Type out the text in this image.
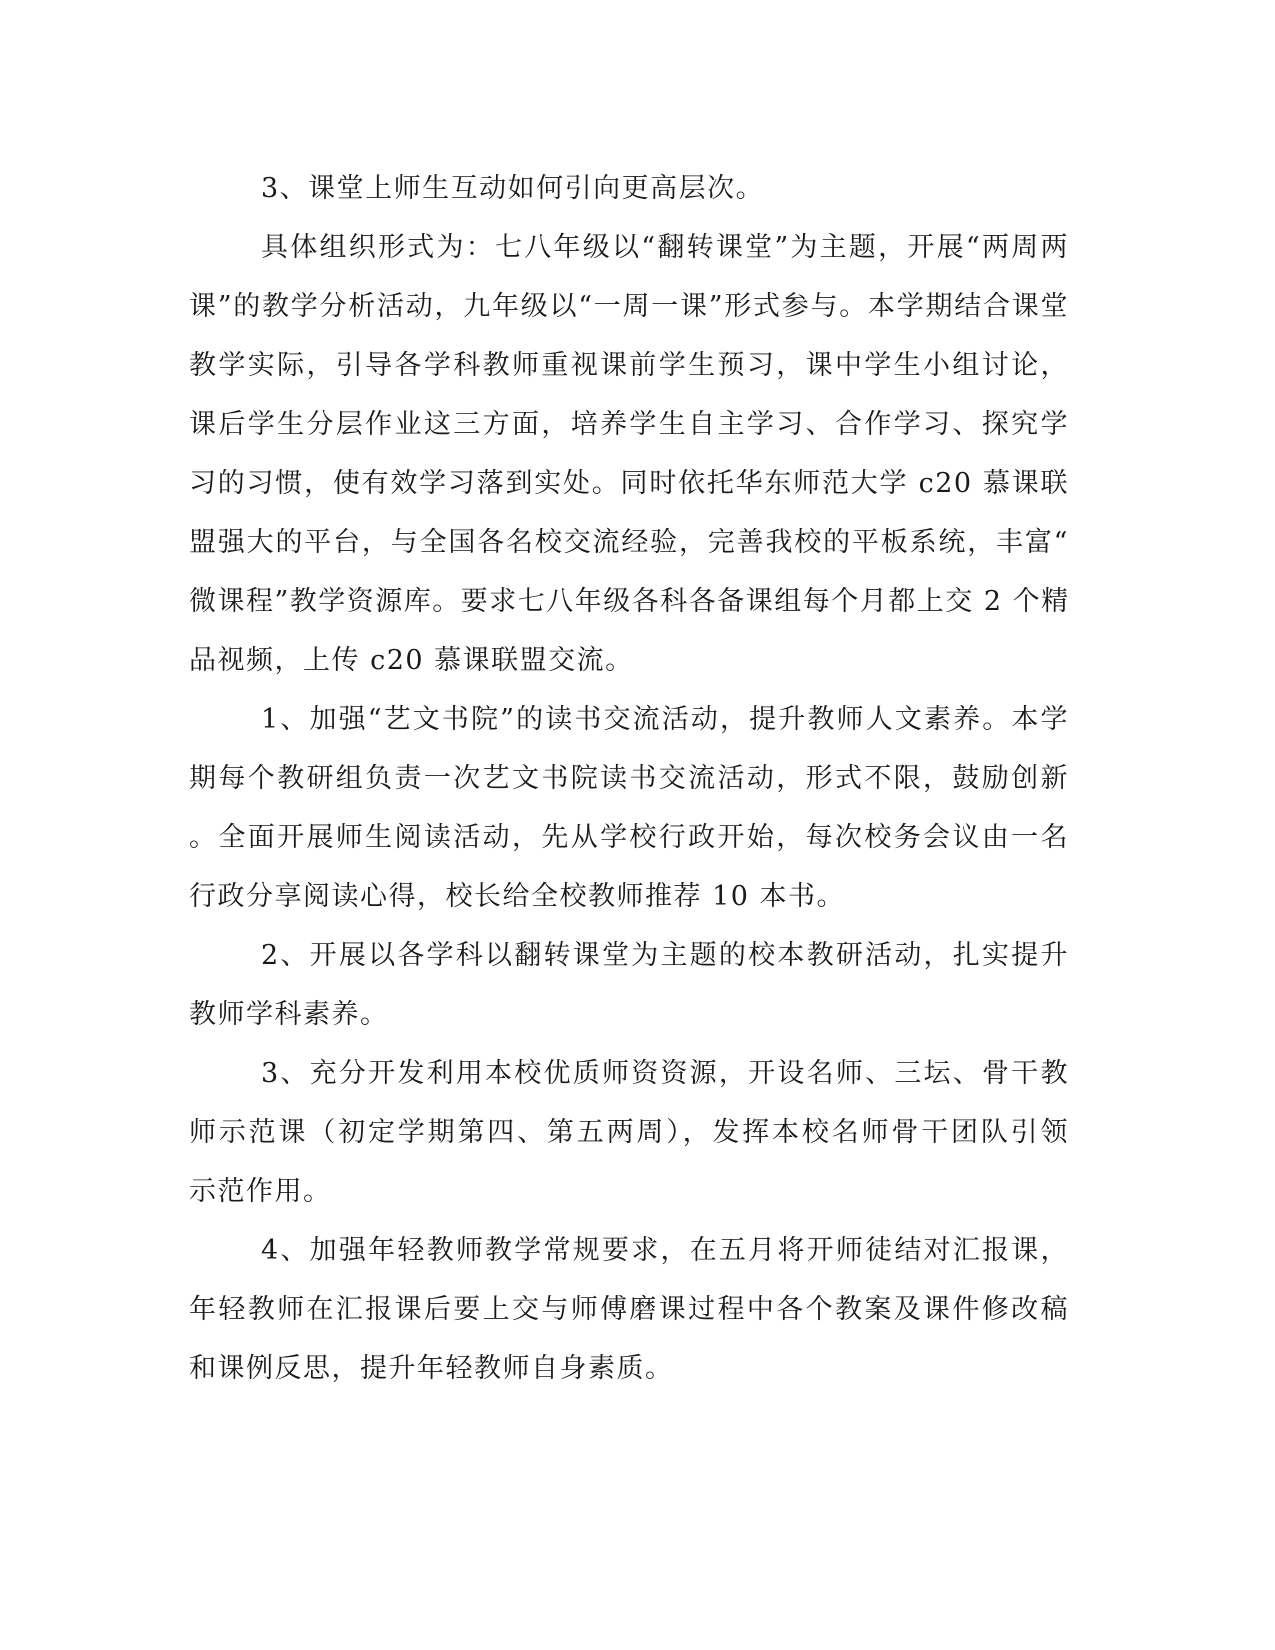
3、课堂上师生互动如何引向更高层次。
具体组织形式为：七八年级以“翻转课堂”为主题，开展“两周两
课”的教学分析活动，九年级以“一周一课”形式参与。本学期结合课堂
教学实际，引导各学科教师重视课前学生预习，课中学生小组讨论，
课后学生分层作业这三方面，培养学生自主学习、合作学习、探究学
习的习惯，使有效学习落到实处。同时依托华东师范大学 c20 慕课联
盟强大的平台，与全国各名校交流经验，完善我校的平板系统，丰富“
微课程”教学资源库。要求七八年级各科各备课组每个月都上交 2 个精
品视频，上传 c20 慕课联盟交流。
1、加强“艺文书院”的读书交流活动，提升教师人文素养。本学
期每个教研组负责一次艺文书院读书交流活动，形式不限，鼓励创新
。全面开展师生阅读活动，先从学校行政开始，每次校务会议由一名
行政分享阅读心得，校长给全校教师推荐 10 本书。
2、开展以各学科以翻转课堂为主题的校本教研活动，扎实提升
教师学科素养。
3、充分开发利用本校优质师资资源，开设名师、三坛、骨干教
师示范课（初定学期第四、第五两周），发挥本校名师骨干团队引领
示范作用。
4、加强年轻教师教学常规要求，在五月将开师徒结对汇报课，
年轻教师在汇报课后要上交与师傅磨课过程中各个教案及课件修改稿
和课例反思，提升年轻教师自身素质。
